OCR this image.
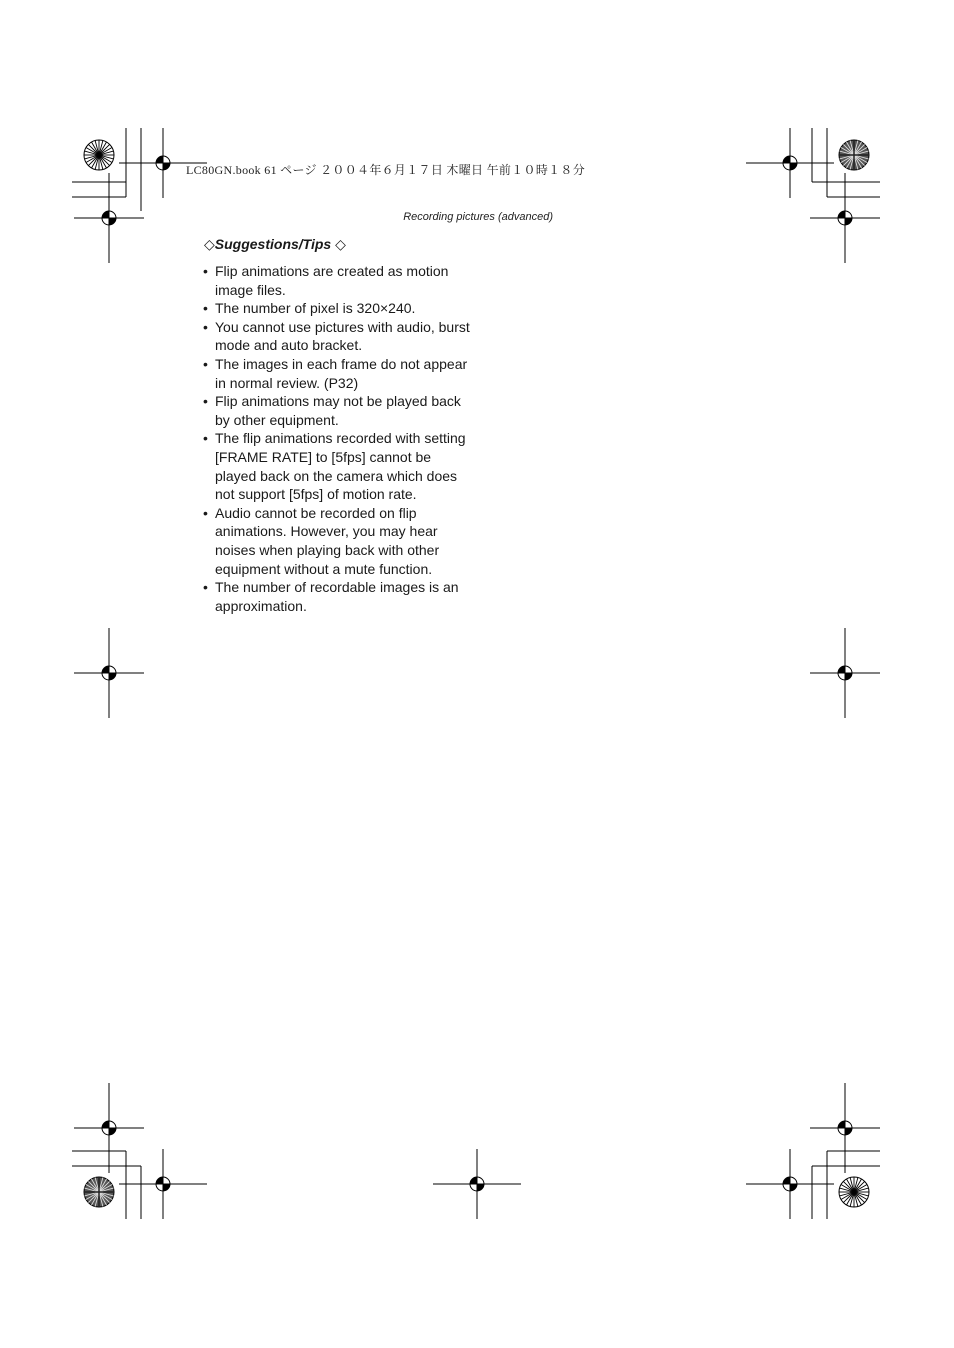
LC80GN.book 61 ページ ２００４年６月１７日 木曜日 午前１０時１８分
Recording pictures (advanced)
◇Suggestions/Tips ◇
• Flip animations are created as motion image files.
• The number of pixel is 320×240.
• You cannot use pictures with audio, burst mode and auto bracket.
• The images in each frame do not appear in normal review. (P32)
• Flip animations may not be played back by other equipment.
• The flip animations recorded with setting [FRAME RATE] to [5fps] cannot be played back on the camera which does not support [5fps] of motion rate.
• Audio cannot be recorded on flip animations. However, you may hear noises when playing back with other equipment without a mute function.
• The number of recordable images is an approximation.
